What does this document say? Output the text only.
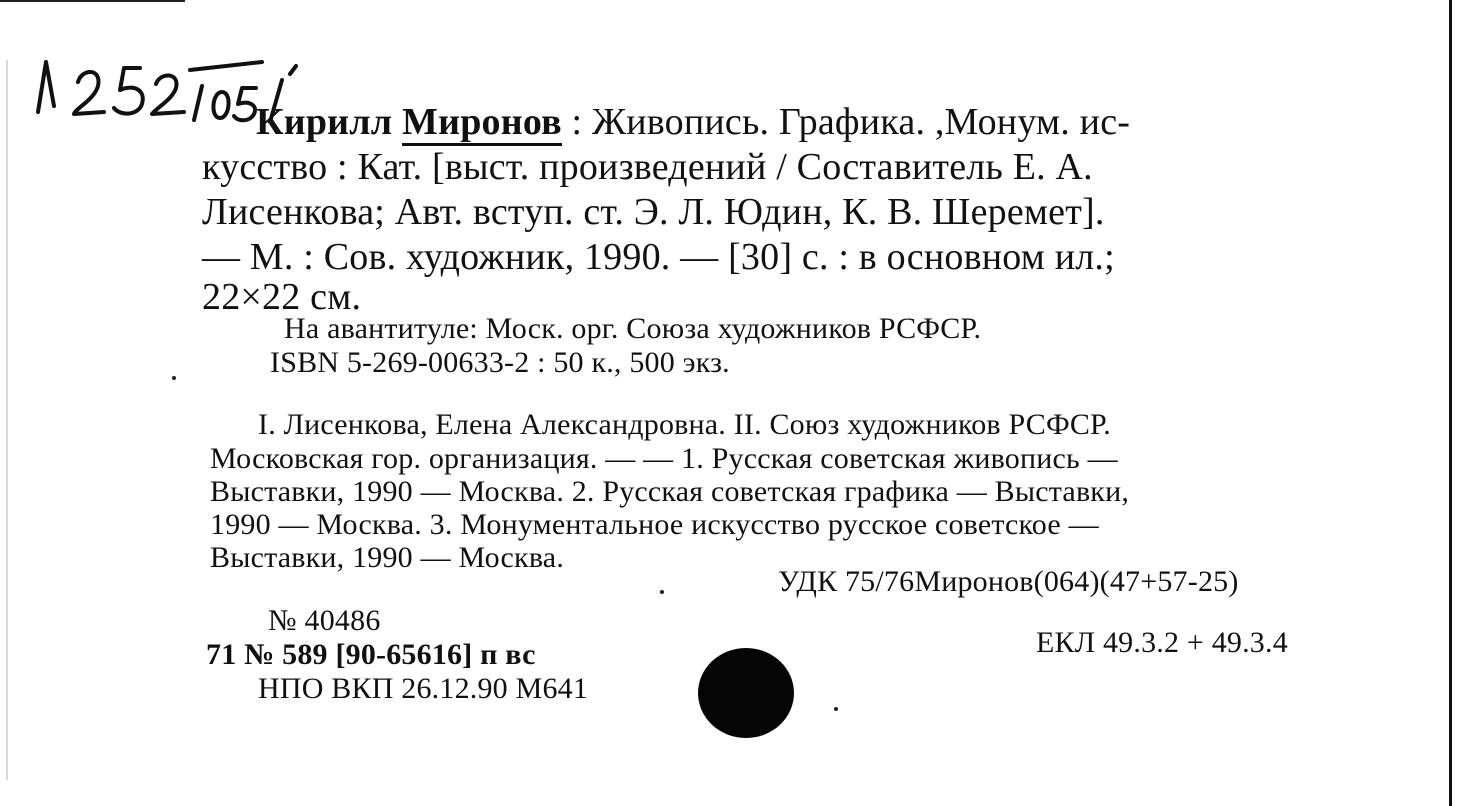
Кирилл Миронов : Живопись. Графика. ,Монум. ис-
кусство : Кат. [выст. произведений / Составитель Е. А.
Лисенкова; Авт. вступ. ст. Э. Л. Юдин, К. В. Шеремет].
— М. : Сов. художник, 1990. — [30] с. : в основном ил.;
22×22 см.
На авантитуле: Моск. орг. Союза художников РСФСР.
ISBN 5-269-00633-2 : 50 к., 500 экз.
I. Лисенкова, Елена Александровна. II. Союз художников РСФСР.
Московская гор. организация. — — 1. Русская советская живопись —
Выставки, 1990 — Москва. 2. Русская советская графика — Выставки,
1990 — Москва. 3. Монументальное искусство русское советское —
Выставки, 1990 — Москва.
УДК 75/76Миронов(064)(47+57-25)
№ 40486
ЕКЛ 49.3.2 + 49.3.4
71 № 589 [90-65616] п вс
НПО ВКП 26.12.90 М641
